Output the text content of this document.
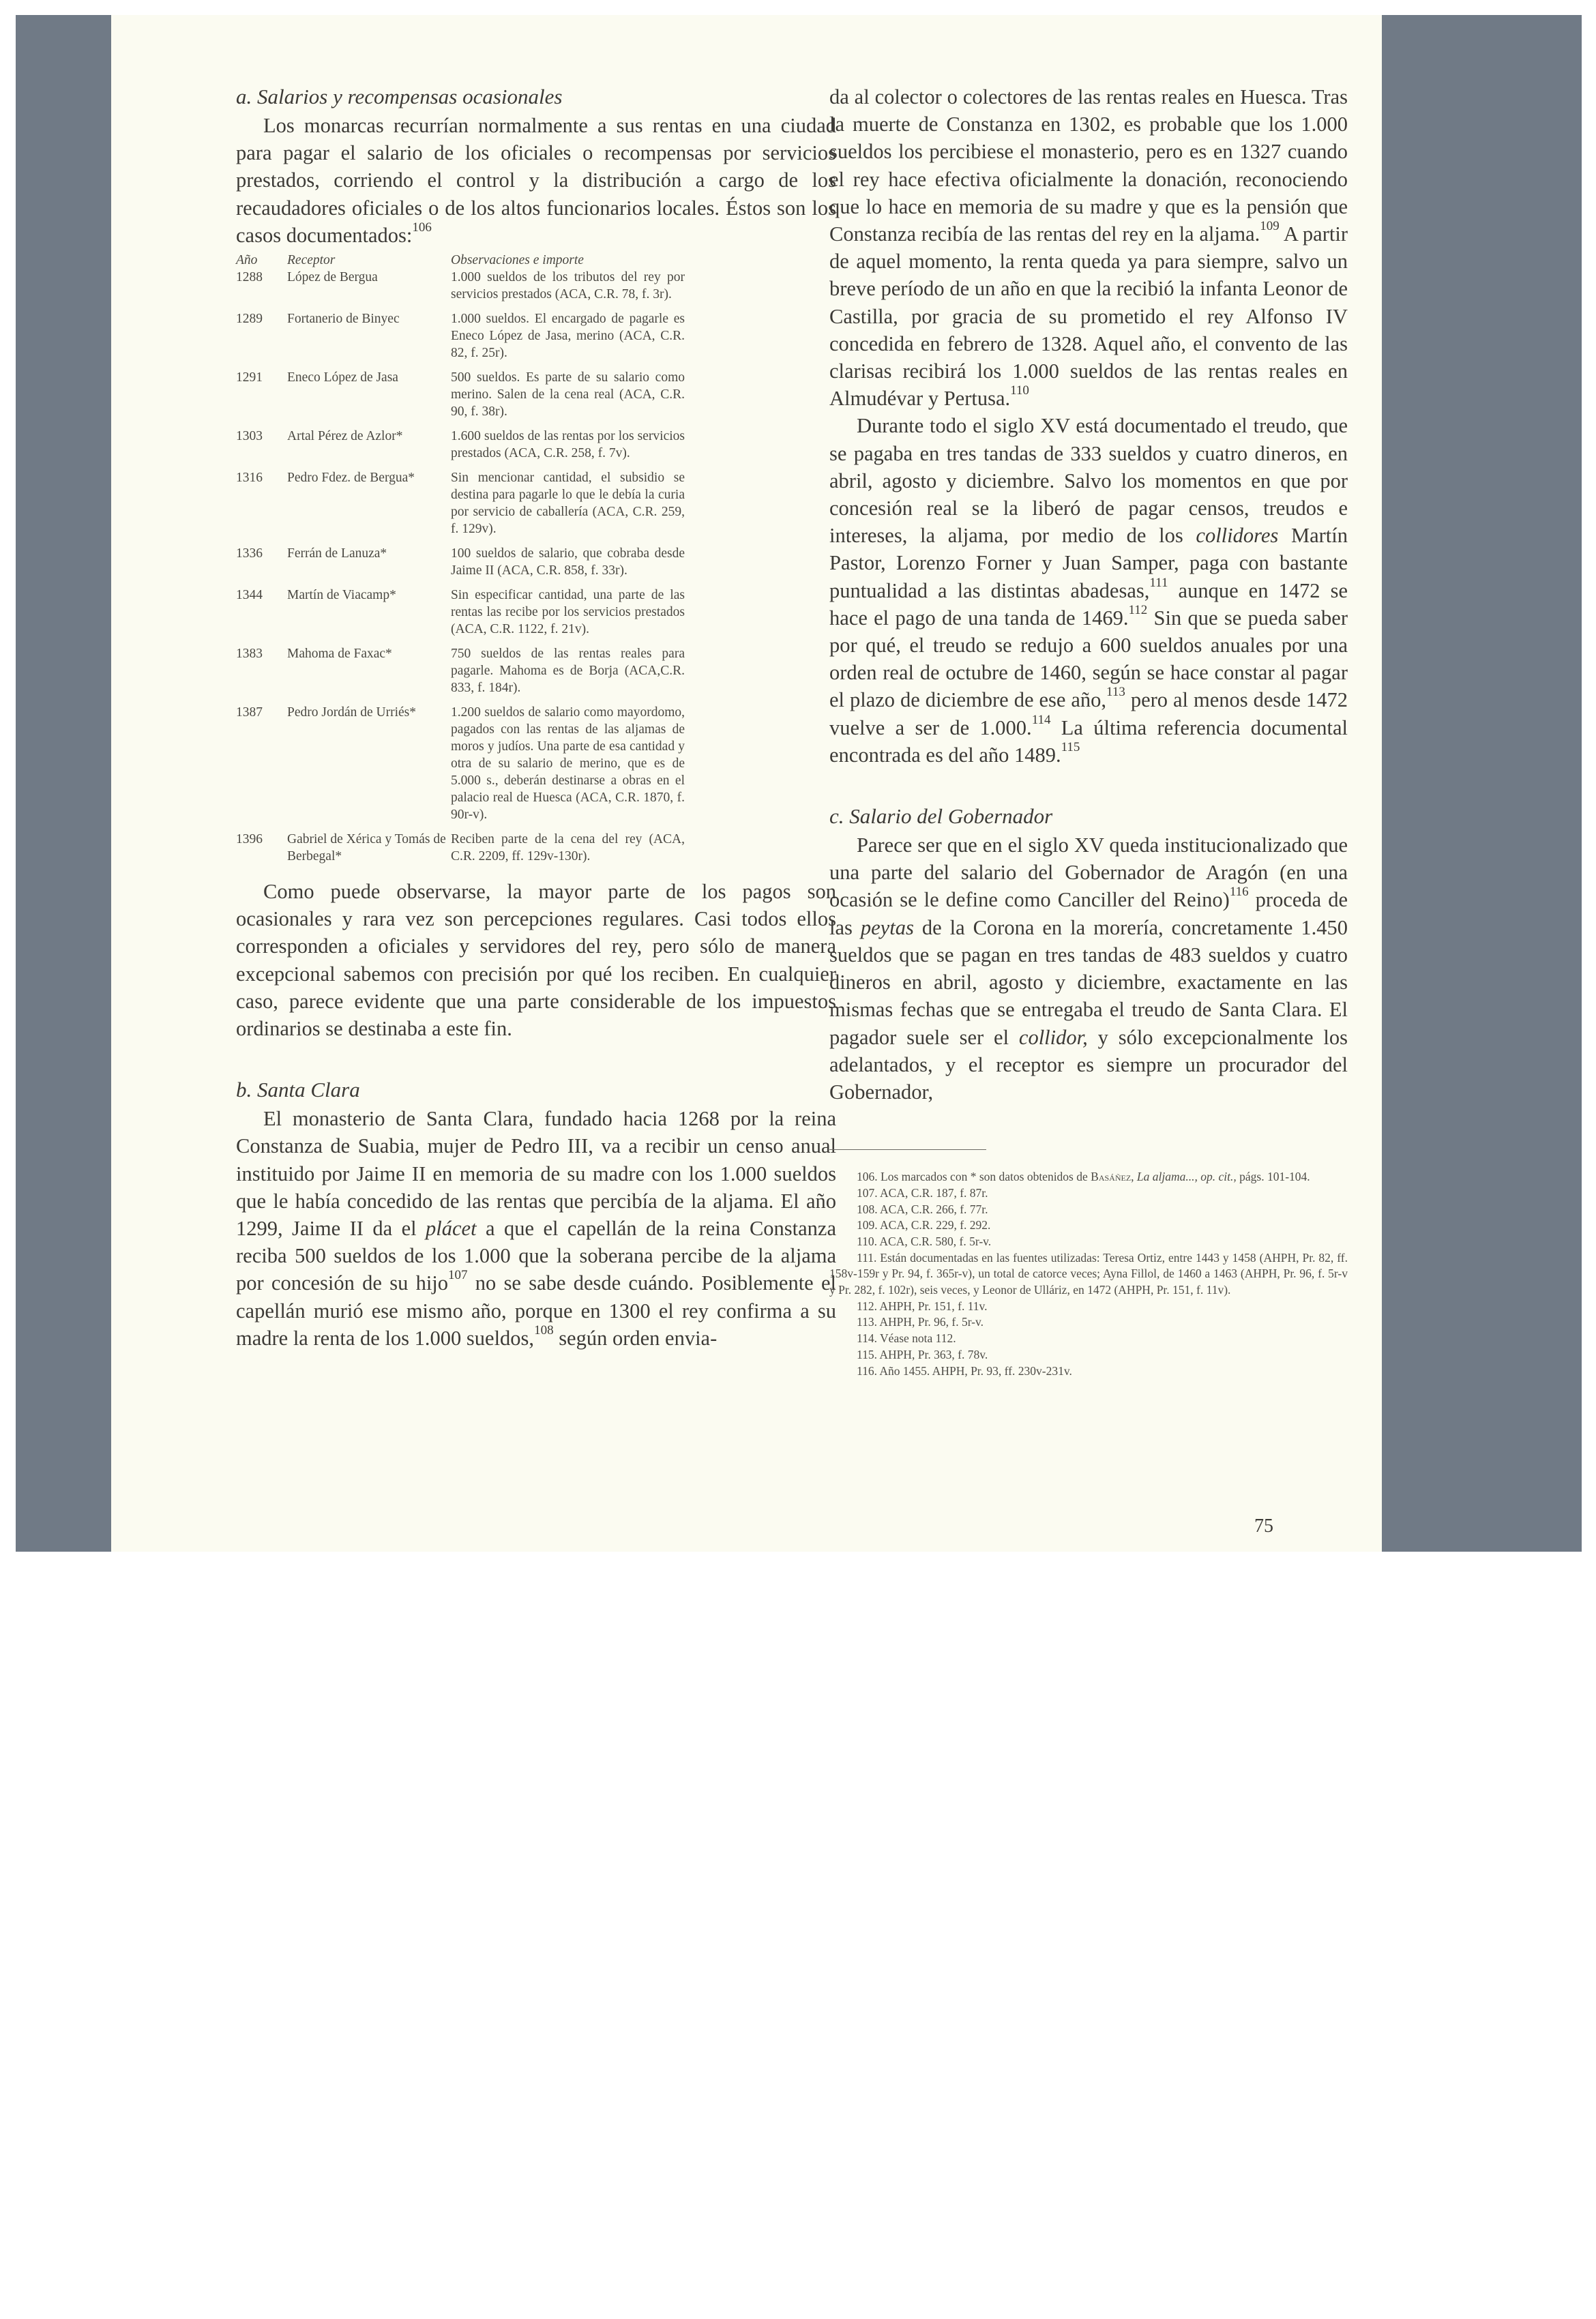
a. Salarios y recompensas ocasionales

Los monarcas recurrían normalmente a sus rentas en una ciudad para pagar el salario de los oficiales o recompensas por servicios prestados, corriendo el control y la distribución a cargo de los recaudadores oficiales o de los altos funcionarios locales. Éstos son los casos documentados:$^{106}$

Año	Receptor	Observaciones e importe
1288	López de Bergua	1.000 sueldos de los tributos del rey por servicios prestados (ACA, C.R. 78, f. 3r).
1289	Fortanerio de Binyec	1.000 sueldos. El encargado de pagarle es Eneco López de Jasa, merino (ACA, C.R. 82, f. 25r).
1291	Eneco López de Jasa	500 sueldos. Es parte de su salario como merino. Salen de la cena real (ACA, C.R. 90, f. 38r).
1303	Artal Pérez de Azlor*	1.600 sueldos de las rentas por los servicios prestados (ACA, C.R. 258, f. 7v).
1316	Pedro Fdez. de Bergua*	Sin mencionar cantidad, el subsidio se destina para pagarle lo que le debía la curia por servicio de caballería (ACA, C.R. 259, f. 129v).
1336	Ferrán de Lanuza*	100 sueldos de salario, que cobraba desde Jaime II (ACA, C.R. 858, f. 33r).
1344	Martín de Viacamp*	Sin especificar cantidad, una parte de las rentas las recibe por los servicios prestados (ACA, C.R. 1122, f. 21v).
1383	Mahoma de Faxac*	750 sueldos de las rentas reales para pagarle. Mahoma es de Borja (ACA,C.R. 833, f. 184r).
1387	Pedro Jordán de Urriés*	1.200 sueldos de salario como mayordomo, pagados con las rentas de las aljamas de moros y judíos. Una parte de esa cantidad y otra de su salario de merino, que es de 5.000 s., deberán destinarse a obras en el palacio real de Huesca (ACA, C.R. 1870, f. 90r-v).
1396	Gabriel de Xérica y Tomás de Berbegal*	Reciben parte de la cena del rey (ACA, C.R. 2209, ff. 129v-130r).

Como puede observarse, la mayor parte de los pagos son ocasionales y rara vez son percepciones regulares. Casi todos ellos corresponden a oficiales y servidores del rey, pero sólo de manera excepcional sabemos con precisión por qué los reciben. En cualquier caso, parece evidente que una parte considerable de los impuestos ordinarios se destinaba a este fin.

b. Santa Clara

El monasterio de Santa Clara, fundado hacia 1268 por la reina Constanza de Suabia, mujer de Pedro III, va a recibir un censo anual instituido por Jaime II en memoria de su madre con los 1.000 sueldos que le había concedido de las rentas que percibía de la aljama. El año 1299, Jaime II da el plácet a que el capellán de la reina Constanza reciba 500 sueldos de los 1.000 que la soberana percibe de la aljama por concesión de su hijo$^{107}$ no se sabe desde cuándo. Posiblemente el capellán murió ese mismo año, porque en 1300 el rey confirma a su madre la renta de los 1.000 sueldos,$^{108}$ según orden envia-

da al colector o colectores de las rentas reales en Huesca. Tras la muerte de Constanza en 1302, es probable que los 1.000 sueldos los percibiese el monasterio, pero es en 1327 cuando el rey hace efectiva oficialmente la donación, reconociendo que lo hace en memoria de su madre y que es la pensión que Constanza recibía de las rentas del rey en la aljama.$^{109}$ A partir de aquel momento, la renta queda ya para siempre, salvo un breve período de un año en que la recibió la infanta Leonor de Castilla, por gracia de su prometido el rey Alfonso IV concedida en febrero de 1328. Aquel año, el convento de las clarisas recibirá los 1.000 sueldos de las rentas reales en Almudévar y Pertusa.$^{110}$

Durante todo el siglo XV está documentado el treudo, que se pagaba en tres tandas de 333 sueldos y cuatro dineros, en abril, agosto y diciembre. Salvo los momentos en que por concesión real se la liberó de pagar censos, treudos e intereses, la aljama, por medio de los collidores Martín Pastor, Lorenzo Forner y Juan Samper, paga con bastante puntualidad a las distintas abadesas,$^{111}$ aunque en 1472 se hace el pago de una tanda de 1469.$^{112}$ Sin que se pueda saber por qué, el treudo se redujo a 600 sueldos anuales por una orden real de octubre de 1460, según se hace constar al pagar el plazo de diciembre de ese año,$^{113}$ pero al menos desde 1472 vuelve a ser de 1.000.$^{114}$ La última referencia documental encontrada es del año 1489.$^{115}$

c. Salario del Gobernador

Parece ser que en el siglo XV queda institucionalizado que una parte del salario del Gobernador de Aragón (en una ocasión se le define como Canciller del Reino)$^{116}$ proceda de las peytas de la Corona en la morería, concretamente 1.450 sueldos que se pagan en tres tandas de 483 sueldos y cuatro dineros en abril, agosto y diciembre, exactamente en las mismas fechas que se entregaba el treudo de Santa Clara. El pagador suele ser el collidor, y sólo excepcionalmente los adelantados, y el receptor es siempre un procurador del Gobernador,

106. Los marcados con * son datos obtenidos de Basáñez, La aljama..., op. cit., págs. 101-104.
107. ACA, C.R. 187, f. 87r.
108. ACA, C.R. 266, f. 77r.
109. ACA, C.R. 229, f. 292.
110. ACA, C.R. 580, f. 5r-v.
111. Están documentadas en las fuentes utilizadas: Teresa Ortiz, entre 1443 y 1458 (AHPH, Pr. 82, ff. 158v-159r y Pr. 94, f. 365r-v), un total de catorce veces; Ayna Fillol, de 1460 a 1463 (AHPH, Pr. 96, f. 5r-v y Pr. 282, f. 102r), seis veces, y Leonor de Ulláriz, en 1472 (AHPH, Pr. 151, f. 11v).
112. AHPH, Pr. 151, f. 11v.
113. AHPH, Pr. 96, f. 5r-v.
114. Véase nota 112.
115. AHPH, Pr. 363, f. 78v.
116. Año 1455. AHPH, Pr. 93, ff. 230v-231v.
75
